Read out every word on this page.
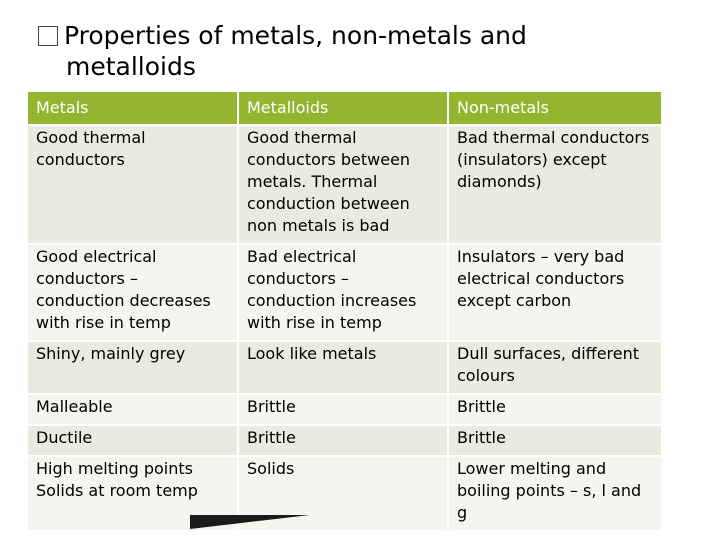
Properties of metals, non-metals and
metalloids
Metals	Metalloids	Non-metals
Good thermal conductors	Good thermal conductors between metals. Thermal conduction between non metals is bad	Bad thermal conductors (insulators) except diamonds)
Good electrical conductors – conduction decreases with rise in temp	Bad electrical conductors – conduction increases with rise in temp	Insulators – very bad electrical conductors except carbon
Shiny, mainly grey	Look like metals	Dull surfaces, different colours
Malleable	Brittle	Brittle
Ductile	Brittle	Brittle
High melting points Solids at room temp	Solids	Lower melting and boiling points – s, l and g
